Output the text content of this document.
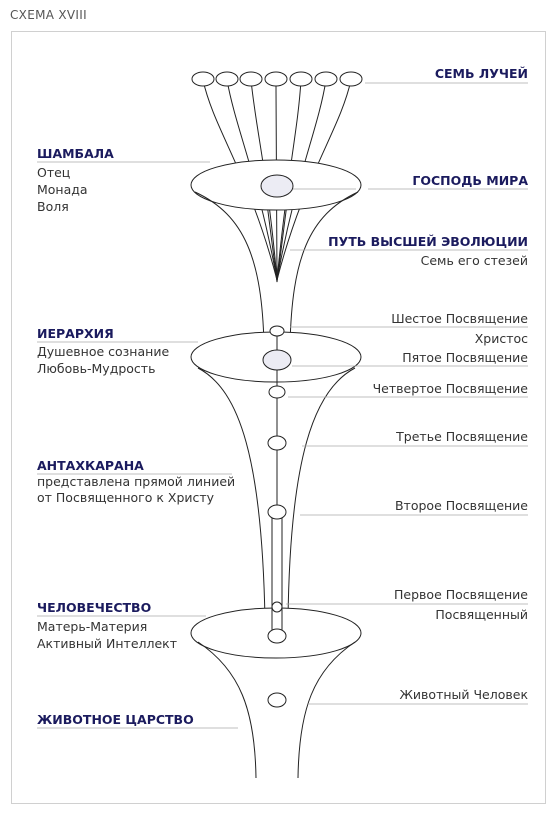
СХЕМА XVIII
ШАМБАЛА
Отец
Монада
Воля
ИЕРАРХИЯ
Душевное сознание
Любовь-Мудрость
АНТАХКАРАНА
представлена прямой линией
от Посвященного к Христу
ЧЕЛОВЕЧЕСТВО
Матерь-Материя
Активный Интеллект
ЖИВОТНОЕ ЦАРСТВО
СЕМЬ ЛУЧЕЙ
ГОСПОДЬ МИРА
ПУТЬ ВЫСШЕЙ ЭВОЛЮЦИИ
Семь его стезей
Шестое Посвящение
Христос
Пятое Посвящение
Четвертое Посвящение
Третье Посвящение
Второе Посвящение
Первое Посвящение
Посвященный
Животный Человек
